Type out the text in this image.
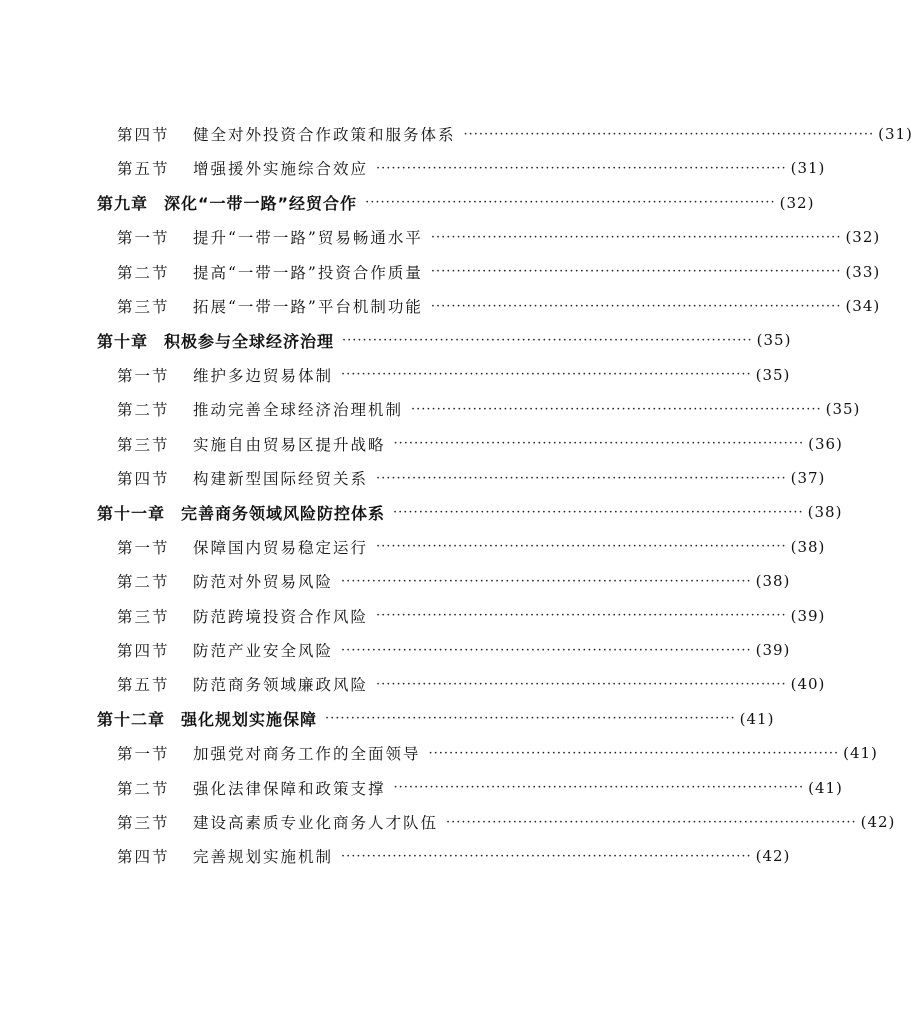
第四节	健全对外投资合作政策和服务体系 ················································································ (31)
第五节	增强援外实施综合效应 ················································································ (31)
第九章 深化“一带一路”经贸合作 ················································································ (32)
第一节	提升“一带一路”贸易畅通水平 ················································································ (32)
第二节	提高“一带一路”投资合作质量 ················································································ (33)
第三节	拓展“一带一路”平台机制功能 ················································································ (34)
第十章 积极参与全球经济治理 ················································································ (35)
第一节	维护多边贸易体制 ················································································ (35)
第二节	推动完善全球经济治理机制 ················································································ (35)
第三节	实施自由贸易区提升战略 ················································································ (36)
第四节	构建新型国际经贸关系 ················································································ (37)
第十一章 完善商务领域风险防控体系 ················································································ (38)
第一节	保障国内贸易稳定运行 ················································································ (38)
第二节	防范对外贸易风险 ················································································ (38)
第三节	防范跨境投资合作风险 ················································································ (39)
第四节	防范产业安全风险 ················································································ (39)
第五节	防范商务领域廉政风险 ················································································ (40)
第十二章 强化规划实施保障 ················································································ (41)
第一节	加强党对商务工作的全面领导 ················································································ (41)
第二节	强化法律保障和政策支撑 ················································································ (41)
第三节	建设高素质专业化商务人才队伍 ················································································ (42)
第四节	完善规划实施机制 ················································································ (42)
